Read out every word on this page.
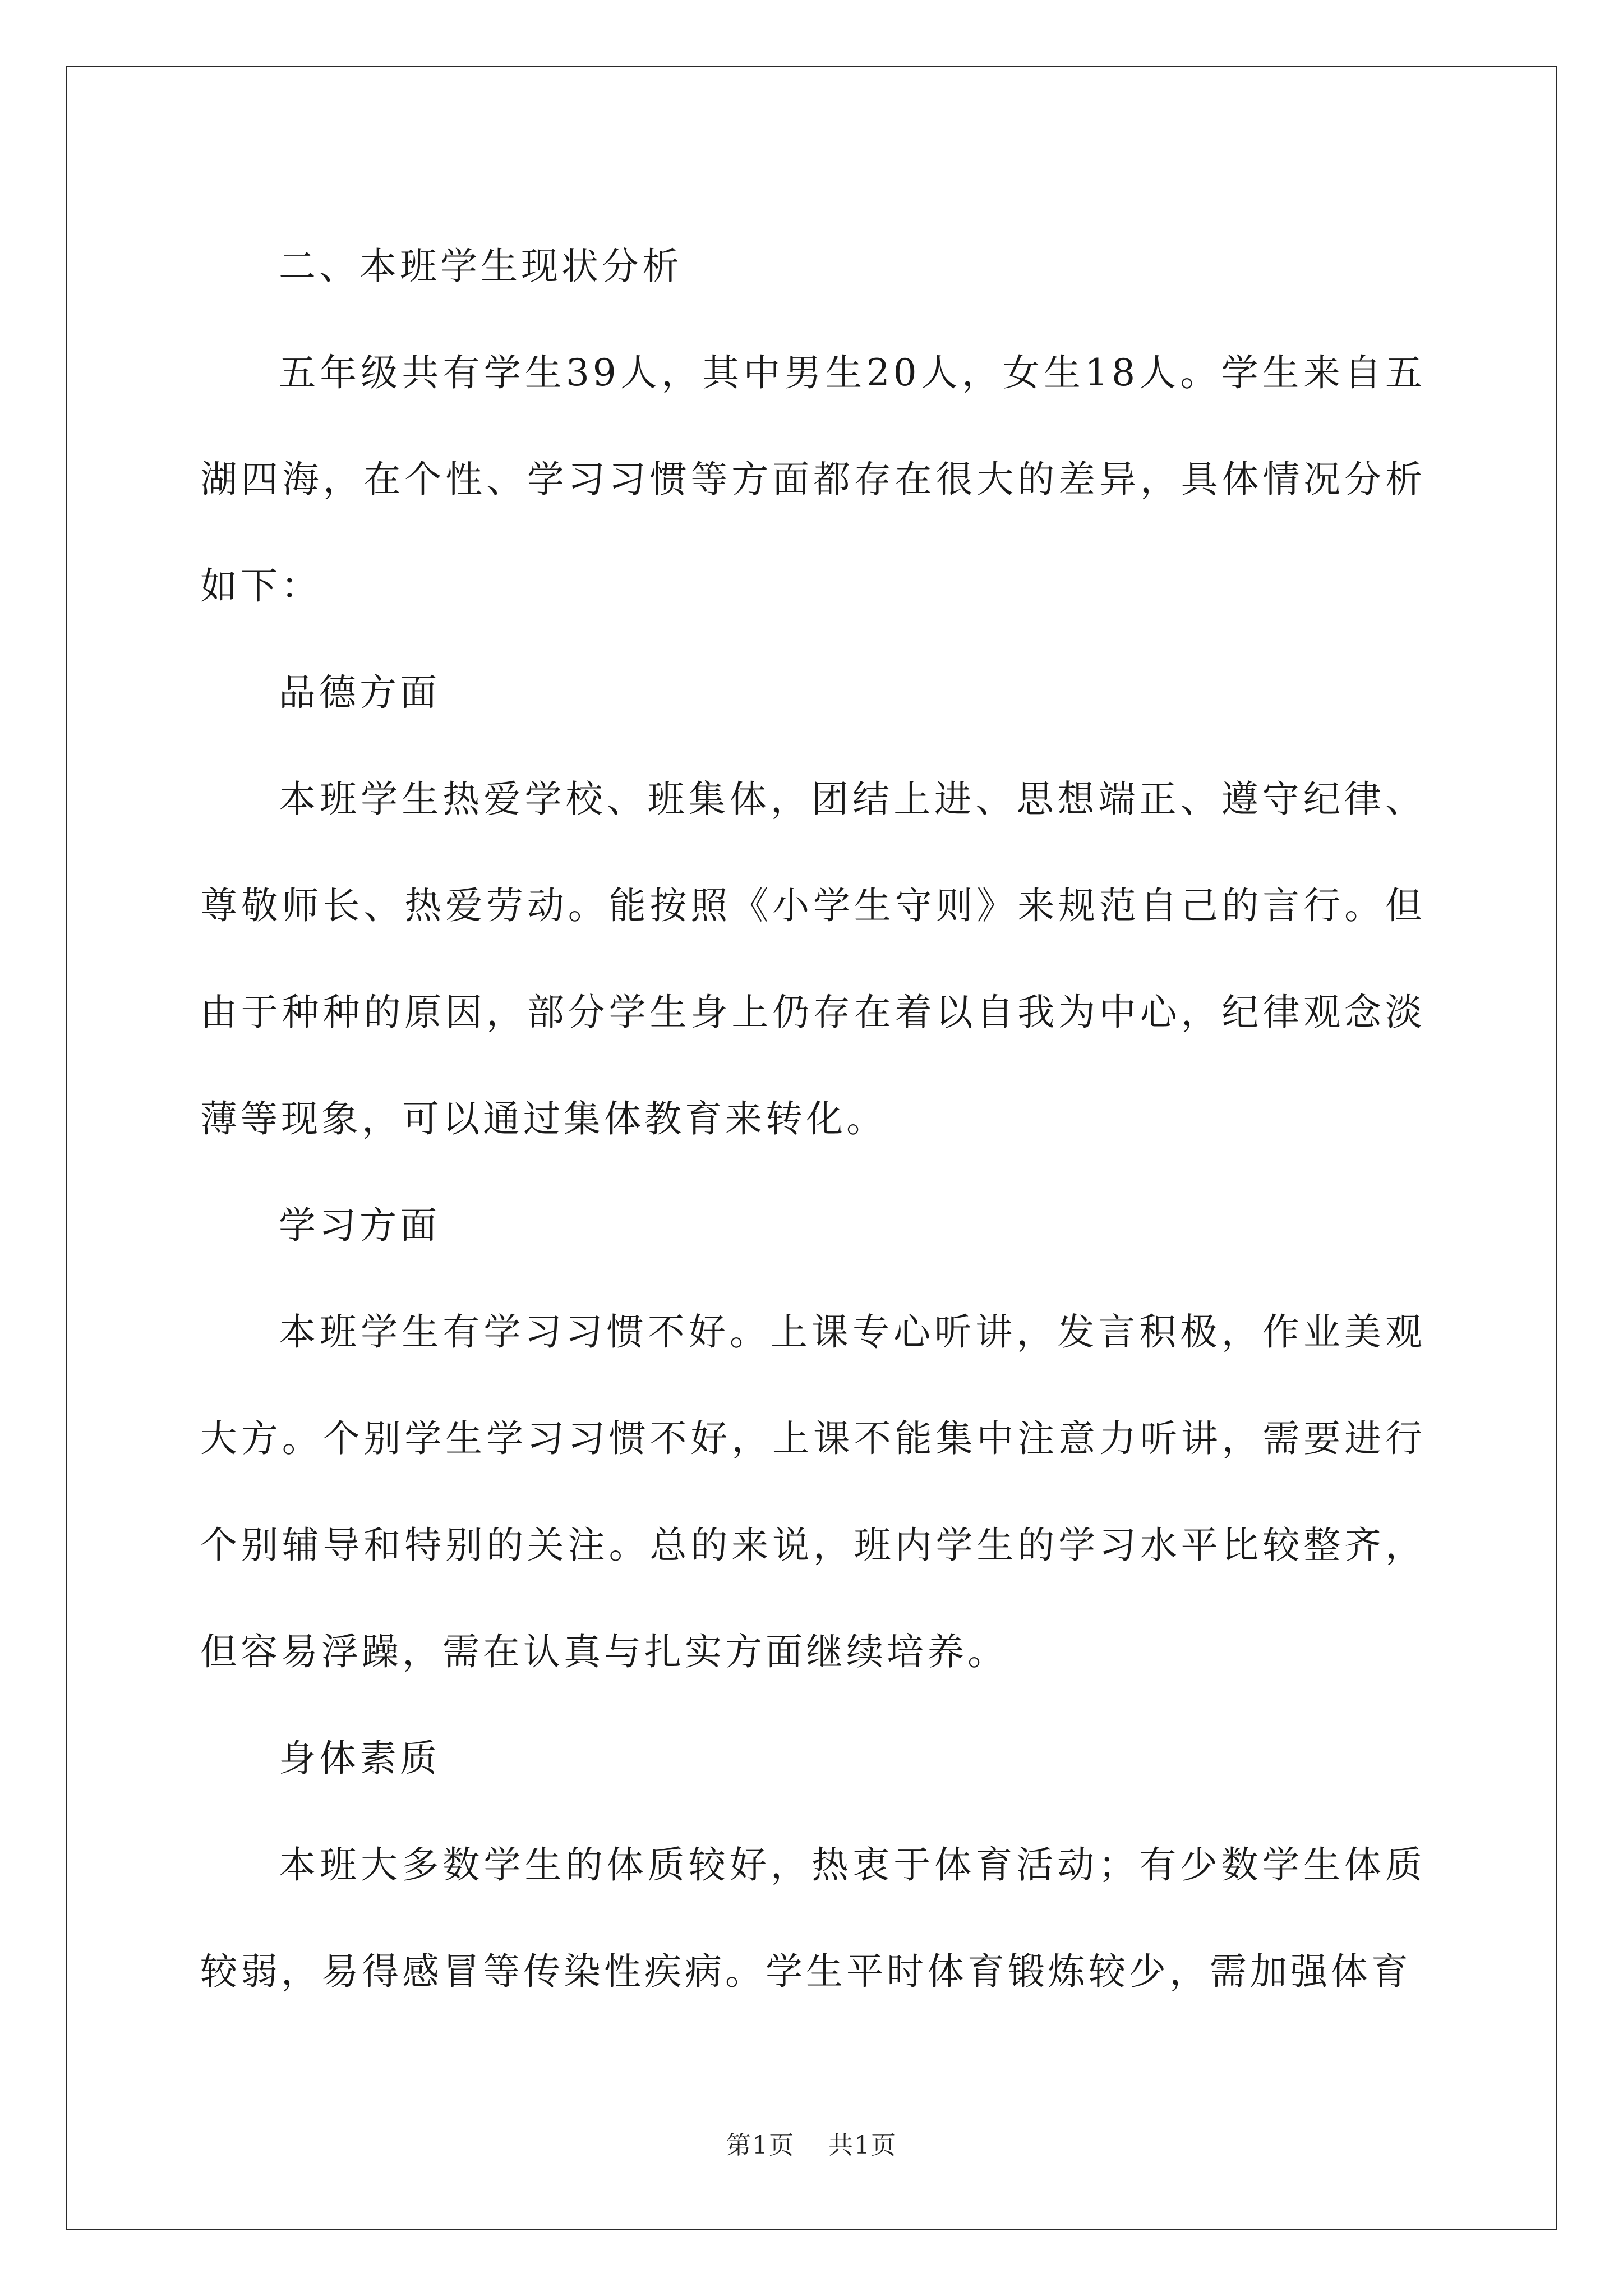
二、本班学生现状分析

五年级共有学生39人，其中男生20人，女生18人。学生来自五湖四海，在个性、学习习惯等方面都存在很大的差异，具体情况分析如下：

品德方面

本班学生热爱学校、班集体，团结上进、思想端正、遵守纪律、尊敬师长、热爱劳动。能按照《小学生守则》来规范自己的言行。但由于种种的原因，部分学生身上仍存在着以自我为中心，纪律观念淡薄等现象，可以通过集体教育来转化。

学习方面

本班学生有学习习惯不好。上课专心听讲，发言积极，作业美观大方。个别学生学习习惯不好，上课不能集中注意力听讲，需要进行个别辅导和特别的关注。总的来说，班内学生的学习水平比较整齐，但容易浮躁，需在认真与扎实方面继续培养。

身体素质

本班大多数学生的体质较好，热衷于体育活动；有少数学生体质较弱，易得感冒等传染性疾病。学生平时体育锻炼较少，需加强体育

第1页 共1页
